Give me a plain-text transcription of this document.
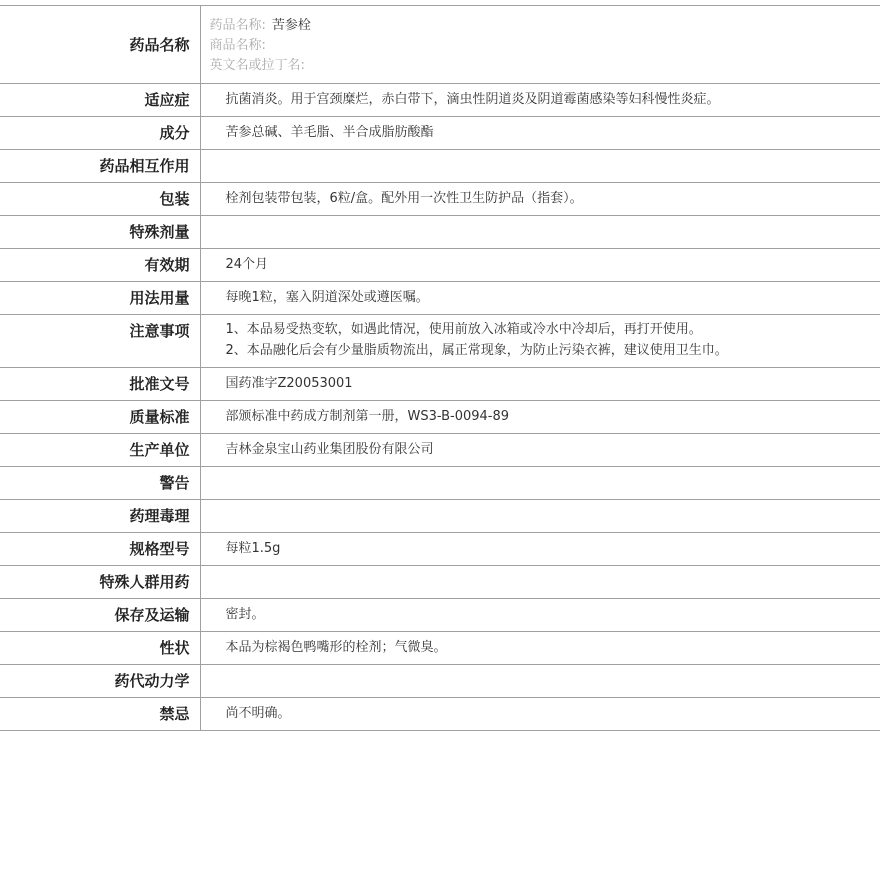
药品名称	药品名称: 苦参栓
商品名称:
英文名或拉丁名:

适应症	抗菌消炎。用于宫颈糜烂，赤白带下，滴虫性阴道炎及阴道霉菌感染等妇科慢性炎症。
成分	苦参总碱、羊毛脂、半合成脂肪酸酯
药品相互作用	
包装	栓剂包装带包装，6粒/盒。配外用一次性卫生防护品（指套）。
特殊剂量	
有效期	24个月
用法用量	每晚1粒，塞入阴道深处或遵医嘱。
注意事项	1、本品易受热变软，如遇此情况，使用前放入冰箱或冷水中冷却后，再打开使用。
2、本品融化后会有少量脂质物流出，属正常现象，为防止污染衣裤，建议使用卫生巾。

批准文号	国药准字Z20053001
质量标准	部颁标准中药成方制剂第一册，WS3-B-0094-89
生产单位	吉林金泉宝山药业集团股份有限公司
警告	
药理毒理	
规格型号	每粒1.5g
特殊人群用药	
保存及运输	密封。
性状	本品为棕褐色鸭嘴形的栓剂；气微臭。
药代动力学	
禁忌	尚不明确。
